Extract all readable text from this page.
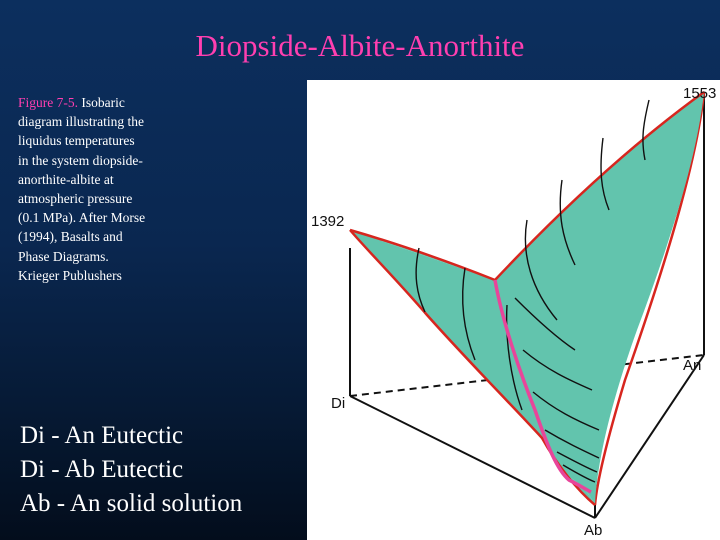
Diopside-Albite-Anorthite
Figure 7-5. Isobaric
diagram illustrating the
liquidus temperatures
in the system diopside-
anorthite-albite at
atmospheric pressure
(0.1 MPa). After Morse
(1994), Basalts and
Phase Diagrams.
Krieger Publushers
Di - An Eutectic
Di - Ab Eutectic
Ab - An solid solution
1553
1392
An
Di
Ab
